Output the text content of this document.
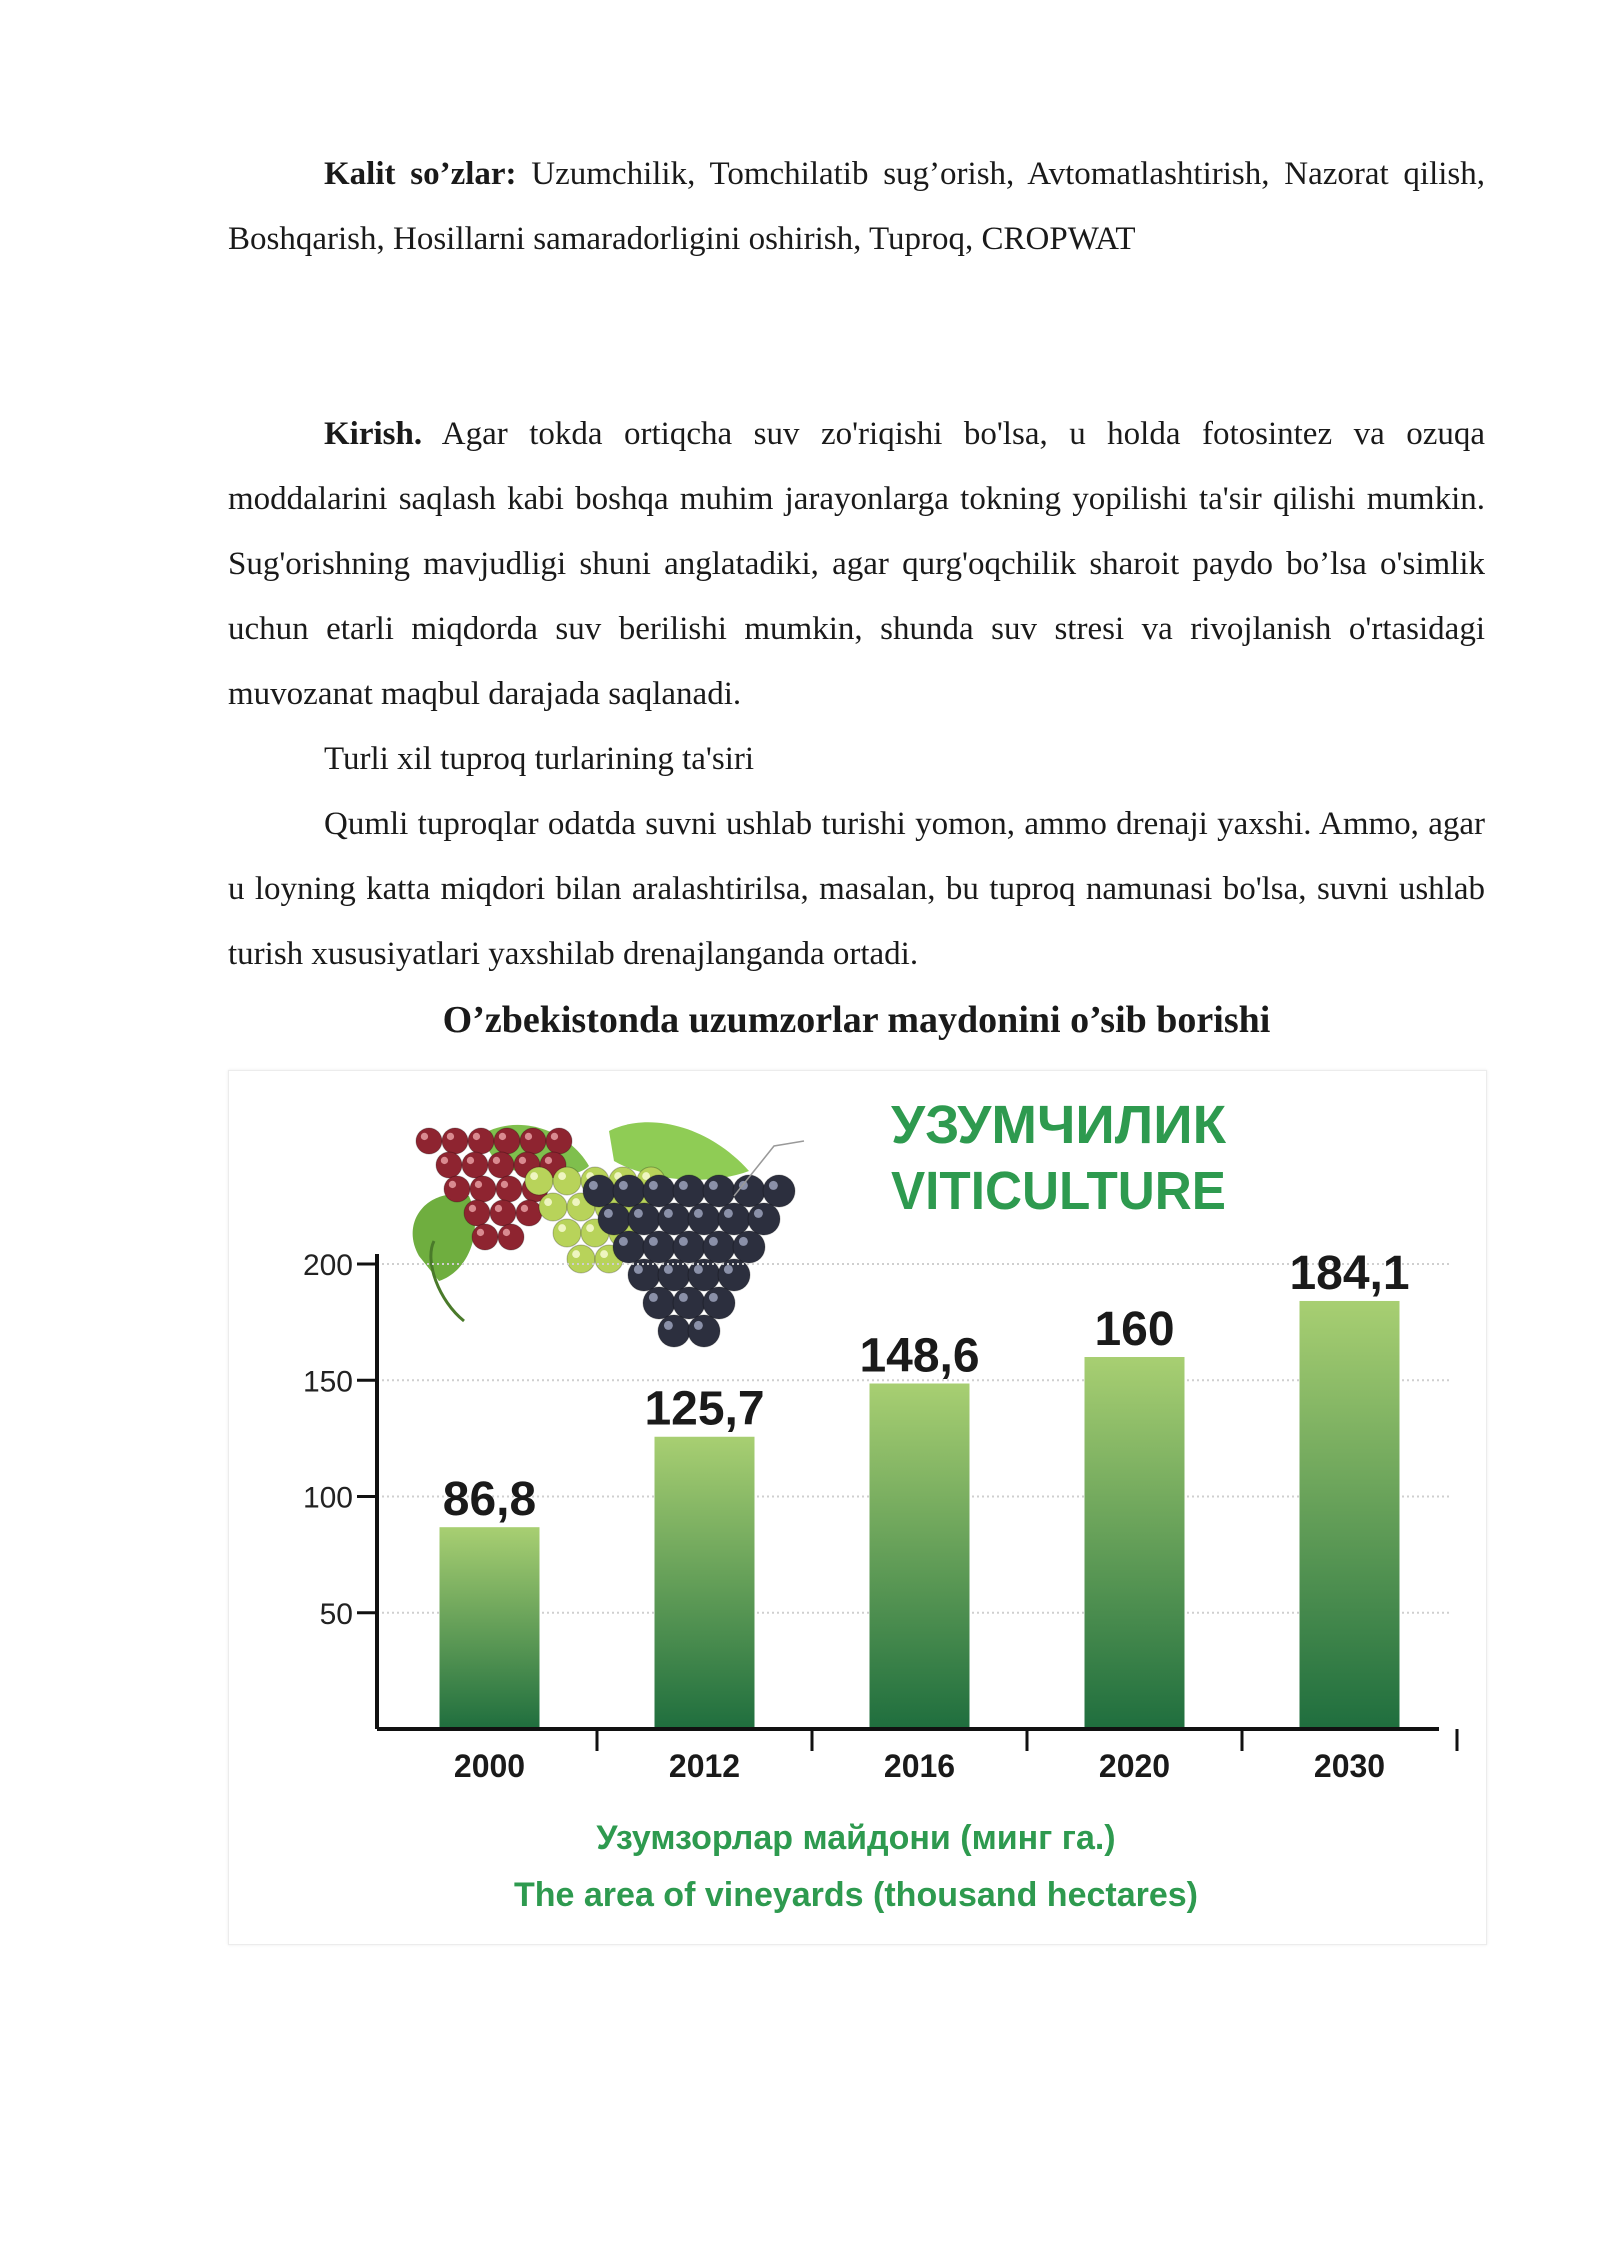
Kalit so’zlar: Uzumchilik, Tomchilatib sug’orish, Avtomatlashtirish, Nazorat qilish, Boshqarish, Hosillarni samaradorligini oshirish, Tuproq, CROPWAT

Kirish. Agar tokda ortiqcha suv zo'riqishi bo'lsa, u holda fotosintez va ozuqa moddalarini saqlash kabi boshqa muhim jarayonlarga tokning yopilishi ta'sir qilishi mumkin. Sug'orishning mavjudligi shuni anglatadiki, agar qurg'oqchilik sharoit paydo bo’lsa o'simlik uchun etarli miqdorda suv berilishi mumkin, shunda suv stresi va rivojlanish o'rtasidagi muvozanat maqbul darajada saqlanadi.

Turli xil tuproq turlarining ta'siri

Qumli tuproqlar odatda suvni ushlab turishi yomon, ammo drenaji yaxshi. Ammo, agar u loyning katta miqdori bilan aralashtirilsa, masalan, bu tuproq namunasi bo'lsa, suvni ushlab turish xususiyatlari yaxshilab drenajlanganda ortadi.

O’zbekistonda uzumzorlar maydonini o’sib borishi
УЗУМЧИЛИК
VITICULTURE
50
100
150
200
86,8
2000
125,7
2012
148,6
2016
160
2020
184,1
2030
Узумзорлар майдони (минг га.)
The area of vineyards (thousand hectares)
